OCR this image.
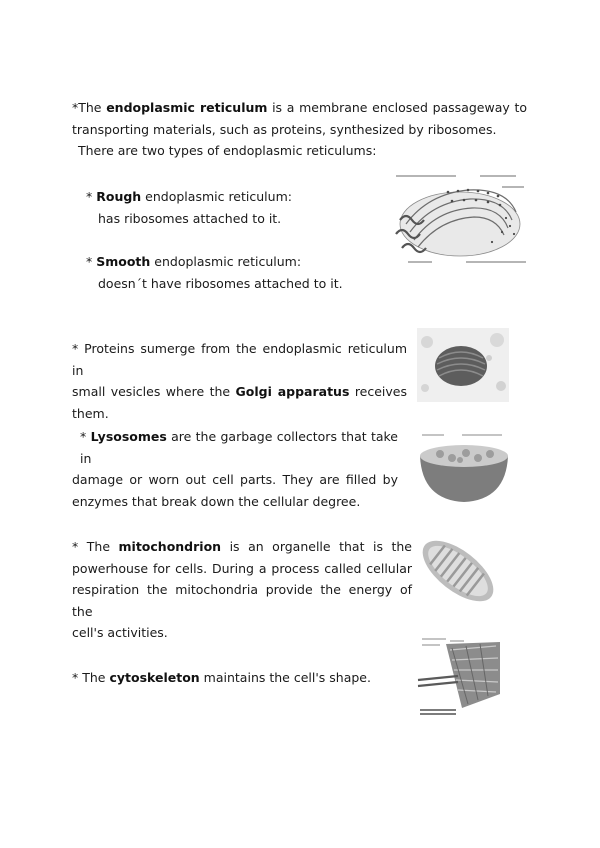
*The endoplasmic reticulum is a membrane enclosed passageway to
transporting materials, such as proteins, synthesized by ribosomes.
There are two types of endoplasmic reticulums:
* Rough endoplasmic reticulum:
has ribosomes attached to it.
* Smooth endoplasmic reticulum:
doesn´t have ribosomes attached to it.
* Proteins sumerge from the endoplasmic reticulum in
small vesicles where the Golgi apparatus receives
them.
* Lysosomes are the garbage collectors that take in
damage or worn out cell parts. They are filled by
enzymes that break down the cellular degree.
* The mitochondrion is an organelle that is the
powerhouse for cells. During a process called cellular
respiration the mitochondria provide the energy of the
cell's activities.
* The cytoskeleton maintains the cell's shape.
